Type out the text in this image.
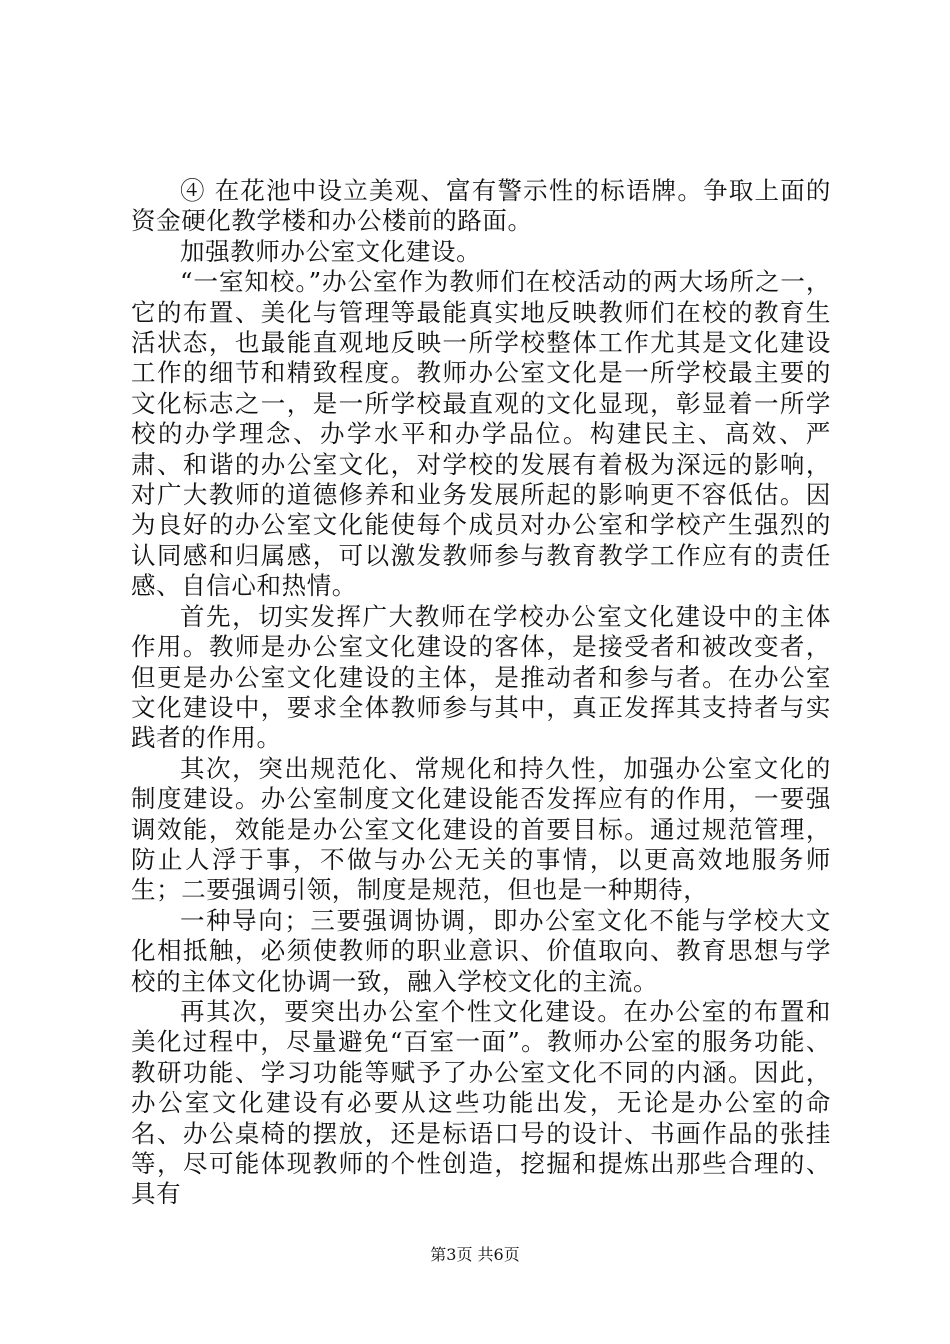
④ 在花池中设立美观、富有警示性的标语牌。争取上面的资金硬化教学楼和办公楼前的路面。

加强教师办公室文化建设。

“一室知校。”办公室作为教师们在校活动的两大场所之一，它的布置、美化与管理等最能真实地反映教师们在校的教育生活状态，也最能直观地反映一所学校整体工作尤其是文化建设工作的细节和精致程度。教师办公室文化是一所学校最主要的文化标志之一，是一所学校最直观的文化显现，彰显着一所学校的办学理念、办学水平和办学品位。构建民主、高效、严肃、和谐的办公室文化，对学校的发展有着极为深远的影响，对广大教师的道德修养和业务发展所起的影响更不容低估。因为良好的办公室文化能使每个成员对办公室和学校产生强烈的认同感和归属感，可以激发教师参与教育教学工作应有的责任感、自信心和热情。

首先，切实发挥广大教师在学校办公室文化建设中的主体作用。教师是办公室文化建设的客体，是接受者和被改变者，但更是办公室文化建设的主体，是推动者和参与者。在办公室文化建设中，要求全体教师参与其中，真正发挥其支持者与实践者的作用。

其次，突出规范化、常规化和持久性，加强办公室文化的制度建设。办公室制度文化建设能否发挥应有的作用，一要强调效能，效能是办公室文化建设的首要目标。通过规范管理，防止人浮于事，不做与办公无关的事情，以更高效地服务师生；二要强调引领，制度是规范，但也是一种期待，

一种导向；三要强调协调，即办公室文化不能与学校大文化相抵触，必须使教师的职业意识、价值取向、教育思想与学校的主体文化协调一致，融入学校文化的主流。

再其次，要突出办公室个性文化建设。在办公室的布置和美化过程中，尽量避免“百室一面”。教师办公室的服务功能、教研功能、学习功能等赋予了办公室文化不同的内涵。因此，办公室文化建设有必要从这些功能出发，无论是办公室的命名、办公桌椅的摆放，还是标语口号的设计、书画作品的张挂等，尽可能体现教师的个性创造，挖掘和提炼出那些合理的、具有

第3页 共6页
